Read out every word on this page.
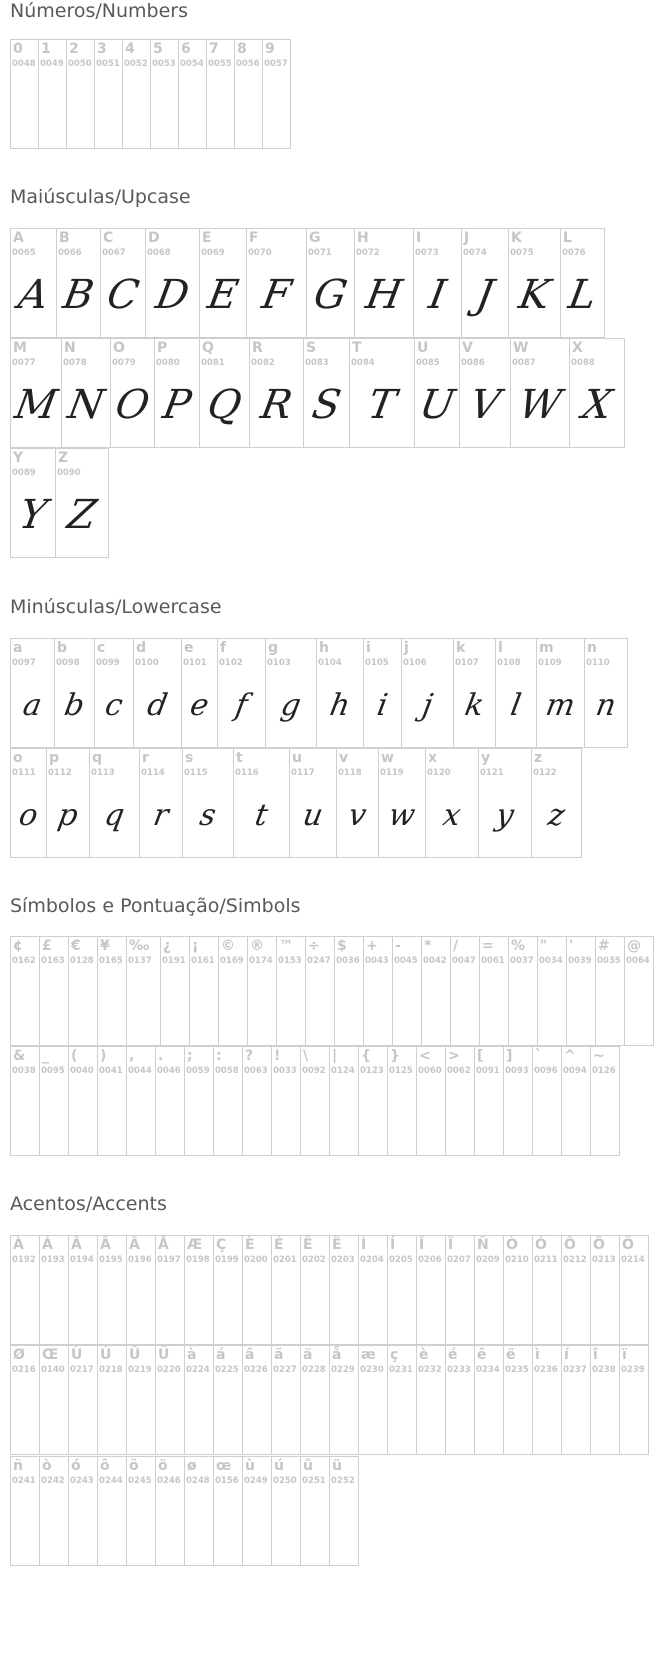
Números/Numbers
Maiúsculas/Upcase
Minúsculas/Lowercase
Símbolos e Pontuação/Simbols
Acentos/Accents
0
0048
1
0049
2
0050
3
0051
4
0052
5
0053
6
0054
7
0055
8
0056
9
0057
A
0065
A
B
0066
B
C
0067
C
D
0068
D
E
0069
E
F
0070
F
G
0071
G
H
0072
H
I
0073
I
J
0074
J
K
0075
K
L
0076
L
M
0077
M
N
0078
N
O
0079
O
P
0080
P
Q
0081
Q
R
0082
R
S
0083
S
T
0084
T
U
0085
U
V
0086
V
W
0087
W
X
0088
X
Y
0089
Y
Z
0090
Z
a
0097
a
b
0098
b
c
0099
c
d
0100
d
e
0101
e
f
0102
f
g
0103
g
h
0104
h
i
0105
i
j
0106
j
k
0107
k
l
0108
l
m
0109
m
n
0110
n
o
0111
o
p
0112
p
q
0113
q
r
0114
r
s
0115
s
t
0116
t
u
0117
u
v
0118
v
w
0119
w
x
0120
x
y
0121
y
z
0122
z
¢
0162
£
0163
€
0128
¥
0165
‰
0137
¿
0191
¡
0161
©
0169
®
0174
™
0153
÷
0247
$
0036
+
0043
-
0045
*
0042
/
0047
=
0061
%
0037
"
0034
'
0039
#
0035
@
0064
&
0038
_
0095
(
0040
)
0041
,
0044
.
0046
;
0059
:
0058
?
0063
!
0033
\
0092
|
0124
{
0123
}
0125
<
0060
>
0062
[
0091
]
0093
`
0096
^
0094
~
0126
À
0192
Á
0193
Â
0194
Ã
0195
Ä
0196
Å
0197
Æ
0198
Ç
0199
È
0200
É
0201
Ê
0202
Ë
0203
Ì
0204
Í
0205
Î
0206
Ï
0207
Ñ
0209
Ò
0210
Ó
0211
Ô
0212
Õ
0213
Ö
0214
Ø
0216
Œ
0140
Ù
0217
Ú
0218
Û
0219
Ü
0220
à
0224
á
0225
â
0226
ã
0227
ä
0228
å
0229
æ
0230
ç
0231
è
0232
é
0233
ê
0234
ë
0235
ì
0236
í
0237
î
0238
ï
0239
ñ
0241
ò
0242
ó
0243
ô
0244
õ
0245
ö
0246
ø
0248
œ
0156
ù
0249
ú
0250
û
0251
ü
0252
